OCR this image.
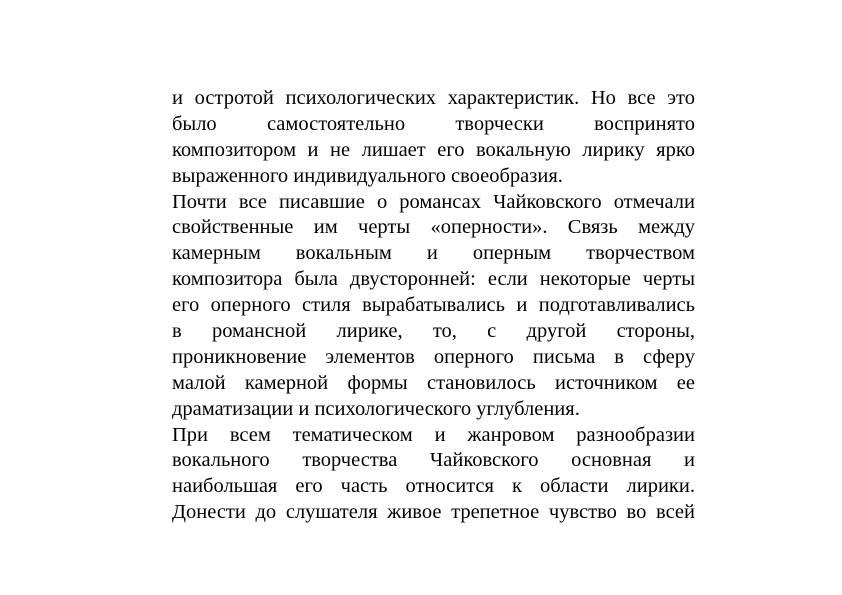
и остротой психологических характеристик. Но все это
было самостоятельно творчески воспринято
композитором и не лишает его вокальную лирику ярко
выраженного индивидуального своеобразия.

Почти все писавшие о романсах Чайковского отмечали
свойственные им черты «оперности». Связь между
камерным вокальным и оперным творчеством
композитора была двусторонней: если некоторые черты
его оперного стиля вырабатывались и подготавливались
в романсной лирике, то, с другой стороны,
проникновение элементов оперного письма в сферу
малой камерной формы становилось источником ее
драматизации и психологического углубления.

При всем тематическом и жанровом разнообразии
вокального творчества Чайковского основная и
наибольшая его часть относится к области лирики.
Донести до слушателя живое трепетное чувство во всей
